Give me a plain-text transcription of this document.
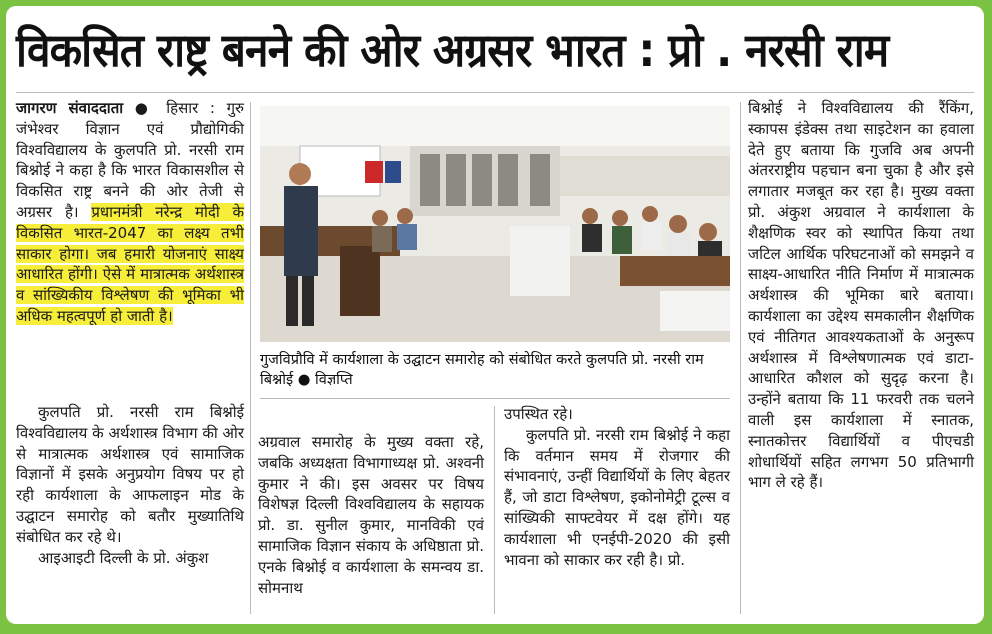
विकसित राष्ट्र बनने की ओर अग्रसर भारत : प्रो . नरसी राम

जागरण संवाददाता ● हिसार : गुरु जंभेश्वर विज्ञान एवं प्रौद्योगिकी विश्वविद्यालय के कुलपति प्रो. नरसी राम बिश्नोई ने कहा है कि भारत विकासशील से विकसित राष्ट्र बनने की ओर तेजी से अग्रसर है। प्रधानमंत्री नरेन्द्र मोदी के विकसित भारत-2047 का लक्ष्य तभी साकार होगा। जब हमारी योजनाएं साक्ष्य आधारित होंगी। ऐसे में मात्रात्मक अर्थशास्त्र व सांख्यिकीय विश्लेषण की भूमिका भी अधिक महत्वपूर्ण हो जाती है।

कुलपति प्रो. नरसी राम बिश्नोई विश्वविद्यालय के अर्थशास्त्र विभाग की ओर से मात्रात्मक अर्थशास्त्र एवं सामाजिक विज्ञानों में इसके अनुप्रयोग विषय पर हो रही कार्यशाला के आफलाइन मोड के उद्घाटन समारोह को बतौर मुख्यातिथि संबोधित कर रहे थे।

आइआइटी दिल्ली के प्रो. अंकुश

गुजविप्रौवि में कार्यशाला के उद्घाटन समारोह को संबोधित करते कुलपति प्रो. नरसी राम बिश्नोई ● विज्ञप्ति

अग्रवाल समारोह के मुख्य वक्ता रहे, जबकि अध्यक्षता विभागाध्यक्ष प्रो. अश्वनी कुमार ने की। इस अवसर पर विषय विशेषज्ञ दिल्ली विश्वविद्यालय के सहायक प्रो. डा. सुनील कुमार, मानविकी एवं सामाजिक विज्ञान संकाय के अधिष्ठाता प्रो. एनके बिश्नोई व कार्यशाला के समन्वय डा. सोमनाथ

उपस्थित रहे।

कुलपति प्रो. नरसी राम बिश्नोई ने कहा कि वर्तमान समय में रोजगार की संभावनाएं, उन्हीं विद्यार्थियों के लिए बेहतर हैं, जो डाटा विश्लेषण, इकोनोमेट्री टूल्स व सांख्यिकी साफ्टवेयर में दक्ष होंगे। यह कार्यशाला भी एनईपी-2020 की इसी भावना को साकार कर रही है। प्रो.

बिश्नोई ने विश्वविद्यालय की रैंकिंग, स्कापस इंडेक्स तथा साइटेशन का हवाला देते हुए बताया कि गुजवि अब अपनी अंतरराष्ट्रीय पहचान बना चुका है और इसे लगातार मजबूत कर रहा है। मुख्य वक्ता प्रो. अंकुश अग्रवाल ने कार्यशाला के शैक्षणिक स्वर को स्थापित किया तथा जटिल आर्थिक परिघटनाओं को समझने व साक्ष्य-आधारित नीति निर्माण में मात्रात्मक अर्थशास्त्र की भूमिका बारे बताया। कार्यशाला का उद्देश्य समकालीन शैक्षणिक एवं नीतिगत आवश्यकताओं के अनुरूप अर्थशास्त्र में विश्लेषणात्मक एवं डाटा-आधारित कौशल को सुदृढ़ करना है। उन्होंने बताया कि 11 फरवरी तक चलने वाली इस कार्यशाला में स्नातक, स्नातकोत्तर विद्यार्थियों व पीएचडी शोधार्थियों सहित लगभग 50 प्रतिभागी भाग ले रहे हैं।
